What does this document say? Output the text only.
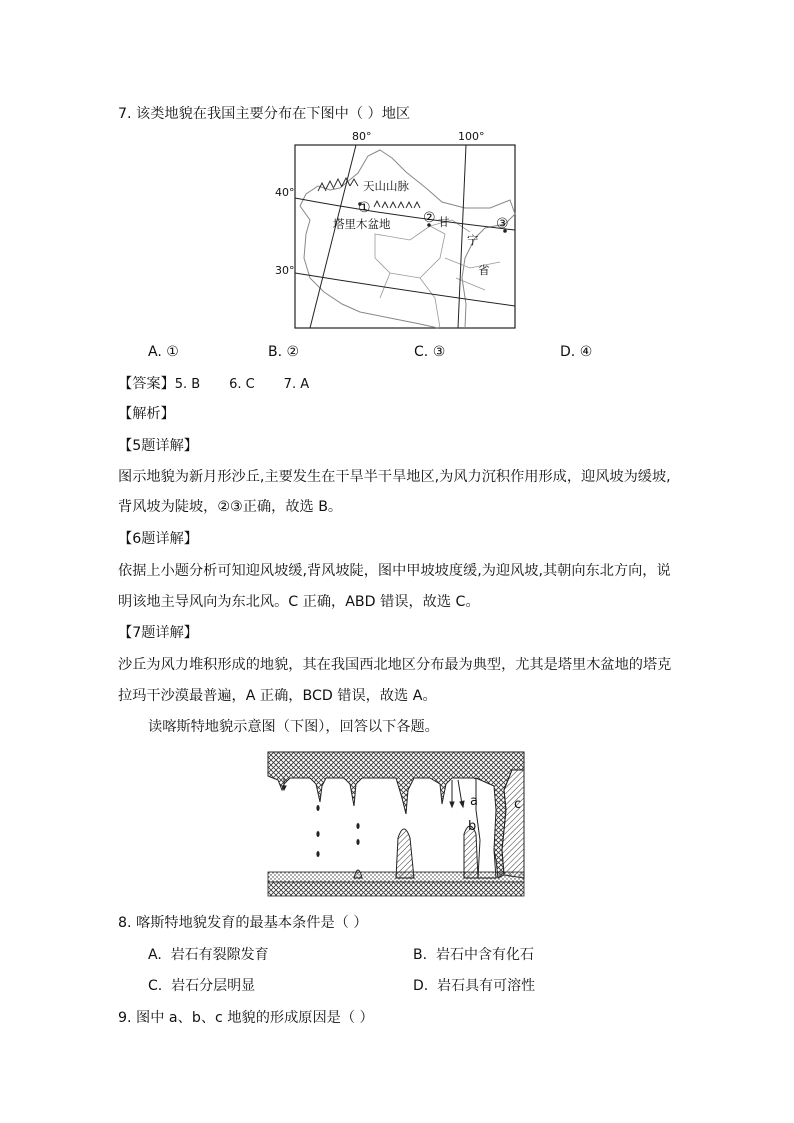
7. 该类地貌在我国主要分布在下图中（ ）地区
80°	100°
40°
30°
天山山脉
塔里木盆地	甘
宁
省
①
②	③
A. ①	B. ②	C. ③	D. ④
【答案】5. B       6. C       7. A
【解析】
【5题详解】
图示地貌为新月形沙丘,主要发生在干旱半干旱地区,为风力沉积作用形成，迎风坡为缓坡,
背风坡为陡坡，②③正确，故选 B。
【6题详解】
依据上小题分析可知迎风坡缓,背风坡陡，图中甲坡坡度缓,为迎风坡,其朝向东北方向，说
明该地主导风向为东北风。C 正确，ABD 错误，故选 C。
【7题详解】
沙丘为风力堆积形成的地貌，其在我国西北地区分布最为典型，尤其是塔里木盆地的塔克
拉玛干沙漠最普遍，A 正确，BCD 错误，故选 A。
读喀斯特地貌示意图（下图），回答以下各题。
a
b
c
8. 喀斯特地貌发育的最基本条件是（ ）
A. 岩石有裂隙发育	B. 岩石中含有化石
C. 岩石分层明显	D. 岩石具有可溶性
9. 图中 a、b、c 地貌的形成原因是（ ）
